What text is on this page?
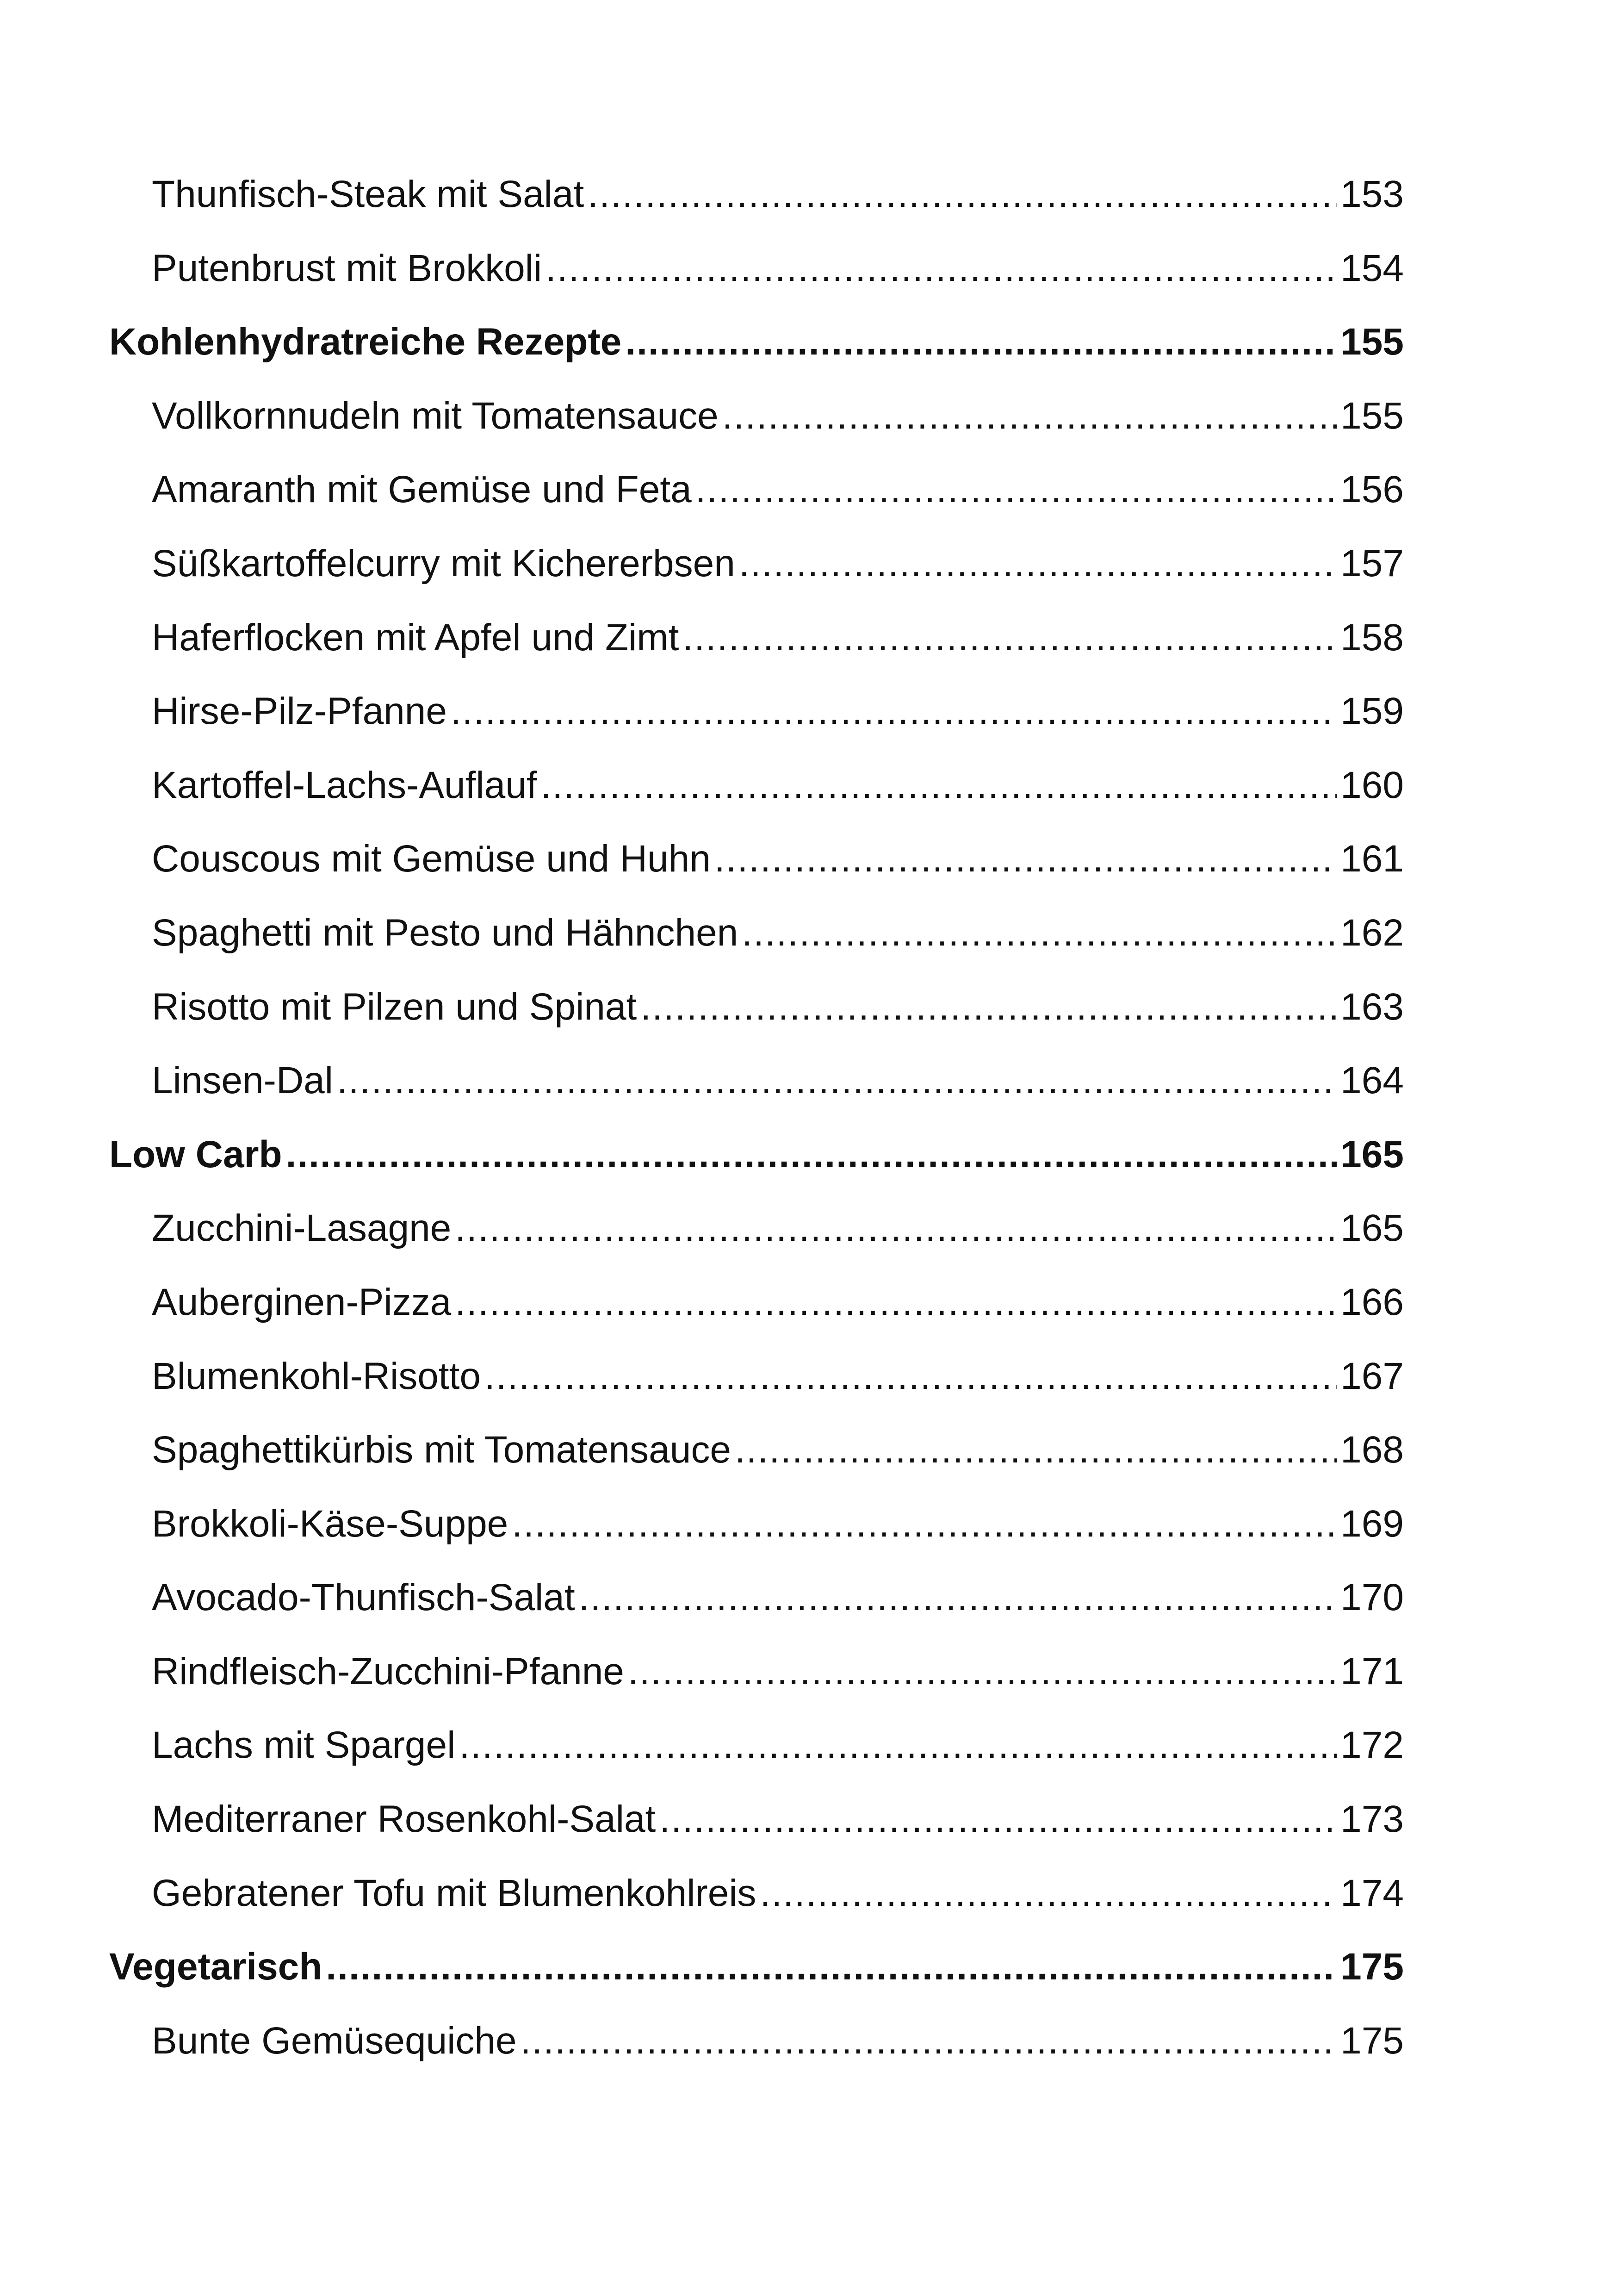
Thunfisch-Steak mit Salat .....	153
Putenbrust mit Brokkoli .....	154
Kohlenhydratreiche Rezepte .....	155
Vollkornnudeln mit Tomatensauce .....	155
Amaranth mit Gemüse und Feta .....	156
Süßkartoffelcurry mit Kichererbsen .....	157
Haferflocken mit Apfel und Zimt .....	158
Hirse-Pilz-Pfanne .....	159
Kartoffel-Lachs-Auflauf .....	160
Couscous mit Gemüse und Huhn .....	161
Spaghetti mit Pesto und Hähnchen .....	162
Risotto mit Pilzen und Spinat .....	163
Linsen-Dal .....	164
Low Carb .....	165
Zucchini-Lasagne .....	165
Auberginen-Pizza .....	166
Blumenkohl-Risotto .....	167
Spaghettikürbis mit Tomatensauce .....	168
Brokkoli-Käse-Suppe .....	169
Avocado-Thunfisch-Salat .....	170
Rindfleisch-Zucchini-Pfanne .....	171
Lachs mit Spargel .....	172
Mediterraner Rosenkohl-Salat .....	173
Gebratener Tofu mit Blumenkohlreis .....	174
Vegetarisch .....	175
Bunte Gemüsequiche .....	175
